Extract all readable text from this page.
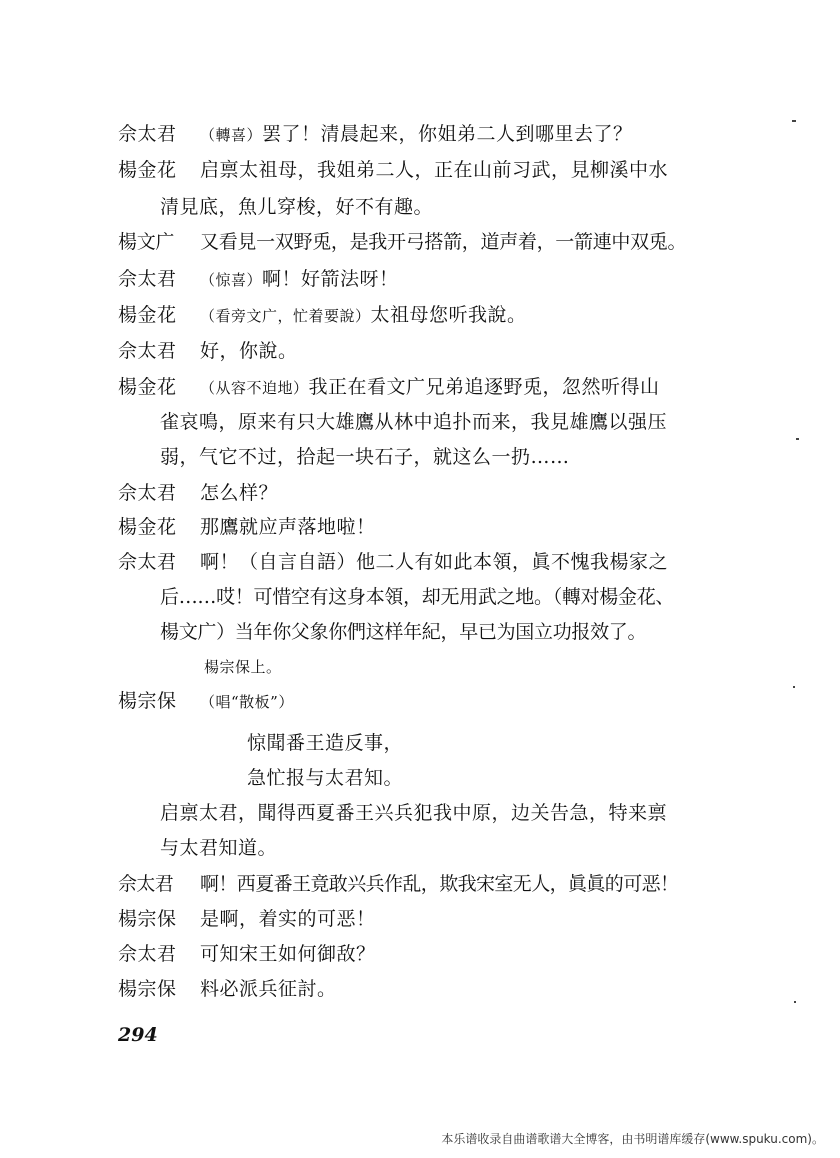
佘太君 （轉喜）罢了！清晨起来，你姐弟二人到哪里去了？
楊金花 启禀太祖母，我姐弟二人，正在山前习武，見柳溪中水
清見底，魚儿穿梭，好不有趣。
楊文广 又看見一双野兎，是我开弓搭箭，道声着，一箭連中双兎。
佘太君 （惊喜）啊！好箭法呀！
楊金花 （看旁文广，忙着要說）太祖母您听我說。
佘太君 好，你說。
楊金花 （从容不迫地）我正在看文广兄弟追逐野兎，忽然听得山
雀哀鳴，原来有只大雄鷹从林中追扑而来，我見雄鷹以强压
弱，气它不过，拾起一块石子，就这么一扔……
佘太君 怎么样？
楊金花 那鷹就应声落地啦！
佘太君 啊！（自言自語）他二人有如此本領，眞不愧我楊家之
后……哎！可惜空有这身本領，却无用武之地。（轉对楊金花、
楊文广）当年你父象你們这样年紀，早已为国立功报效了。
楊宗保上。
楊宗保 （唱“散板”）
惊聞番王造反事，
急忙报与太君知。
启禀太君，聞得西夏番王兴兵犯我中原，边关告急，特来禀
与太君知道。
佘太君 啊！西夏番王竟敢兴兵作乱，欺我宋室无人，眞眞的可恶！
楊宗保 是啊，着实的可恶！
佘太君 可知宋王如何御敌？
楊宗保 料必派兵征討。
294
本乐谱收录自曲谱歌谱大全博客，由书明谱库缓存(www.spuku.com)。
